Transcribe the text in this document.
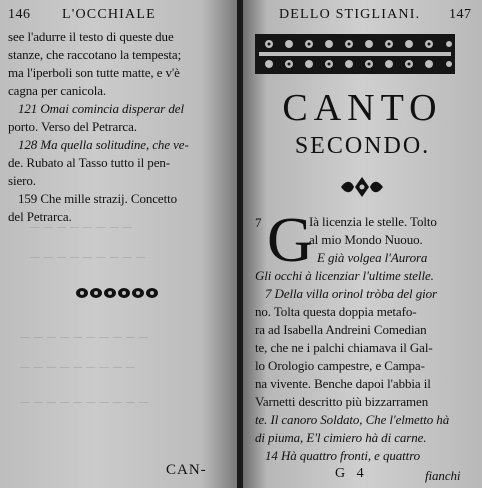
— — — — — — — —
— — — — — — — — —
— — — — — — — — — —
— — — — — — — — —
— — — — — — — — — —
146 L'OCCHIALE
see l'adurre il testo di queste due
stanze, che raccotano la tempesta;
ma l'iperboli son tutte matte, e v'è
cagna per canicola.
121 Omai comincia disperar del
porto. Verso del Petrarca.
128 Ma quella solitudine, che ve-
de. Rubato al Tasso tutto il pen-
siero.
159 Che mille strazij. Concetto
del Petrarca.
CAN-
DELLO STIGLIANI. 147
CANTO
SECONDO.
7 G
Ià licenzia le stelle. Tolto
al mio Mondo Nuouo.
E già volgea l'Aurora
Gli occhi à licenziar l'ultime stelle.
7 Della villa orinol tròba del gior
no. Tolta questa doppia metafo-
ra ad Isabella Andreini Comedian
te, che ne i palchi chiamava il Gal-
lo Orologio campestre, e Campa-
na vivente. Benche dapoi l'abbia il
Varnetti descritto più bizzarramen
te. Il canoro Soldato, Che l'elmetto hà
di piuma, E'l cimiero hà di carne.
14 Hà quattro fronti, e quattro
G 4	fianchi
